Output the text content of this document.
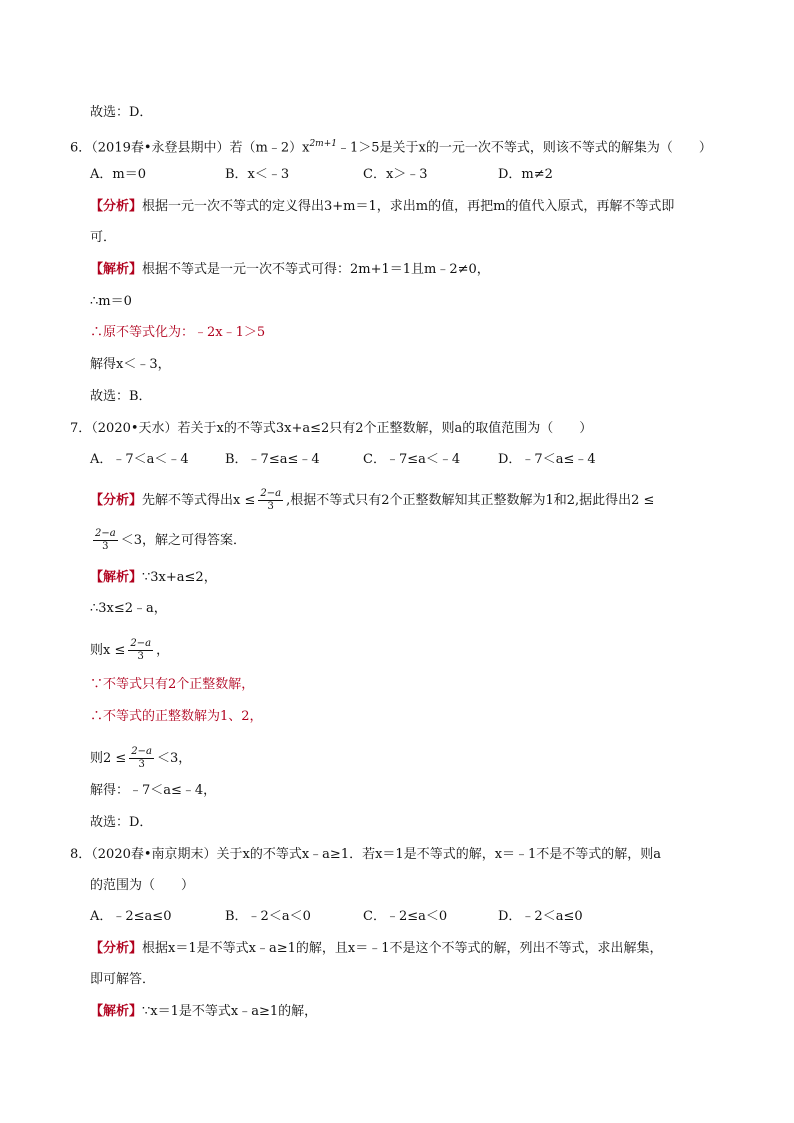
故选：D．
6．（2019春•永登县期中）若$(m﹣2)x^{2m+1}﹣1>5$是关于x的一元一次不等式，则该不等式的解集为（　　）
A．m＝0	B．x＜﹣3	C．x＞﹣3	D．m≠2
【分析】根据一元一次不等式的定义得出3+m＝1，求出m的值，再把m的值代入原式，再解不等式即
可．
【解析】根据不等式是一元一次不等式可得：2m+1＝1且m﹣2≠0，
∴m＝0
∴原不等式化为：﹣2x﹣1＞5
解得x＜﹣3，
故选：B．
7．（2020•天水）若关于x的不等式3x+a≤2只有2个正整数解，则a的取值范围为（　　）
A．﹣7＜a＜﹣4	B．﹣7≤a≤﹣4	C．﹣7≤a＜﹣4	D．﹣7＜a≤﹣4
【分析】先解不等式得出$x \le \frac{2-a}{3}$ ,根据不等式只有2个正整数解知其正整数解为1和2,据此得出2 ≤
$\frac{2-a}{3} <3$，解之可得答案．
【解析】∵3x+a≤2，
∴3x≤2﹣a，
则$x \le \frac{2-a}{3}$ ，
∵不等式只有2个正整数解，
∴不等式的正整数解为1、2，
则$2 \le \frac{2-a}{3} <3$，
解得：﹣7＜a≤﹣4，
故选：D．
8．（2020春•南京期末）关于x的不等式x﹣a≥1．若x＝1是不等式的解，x＝﹣1不是不等式的解，则a
的范围为（　　）
A．﹣2≤a≤0	B．﹣2＜a＜0	C．﹣2≤a＜0	D．﹣2＜a≤0
【分析】根据x＝1是不等式x﹣a≥1的解，且x＝﹣1不是这个不等式的解，列出不等式，求出解集，
即可解答．
【解析】∵x＝1是不等式x﹣a≥1的解，
